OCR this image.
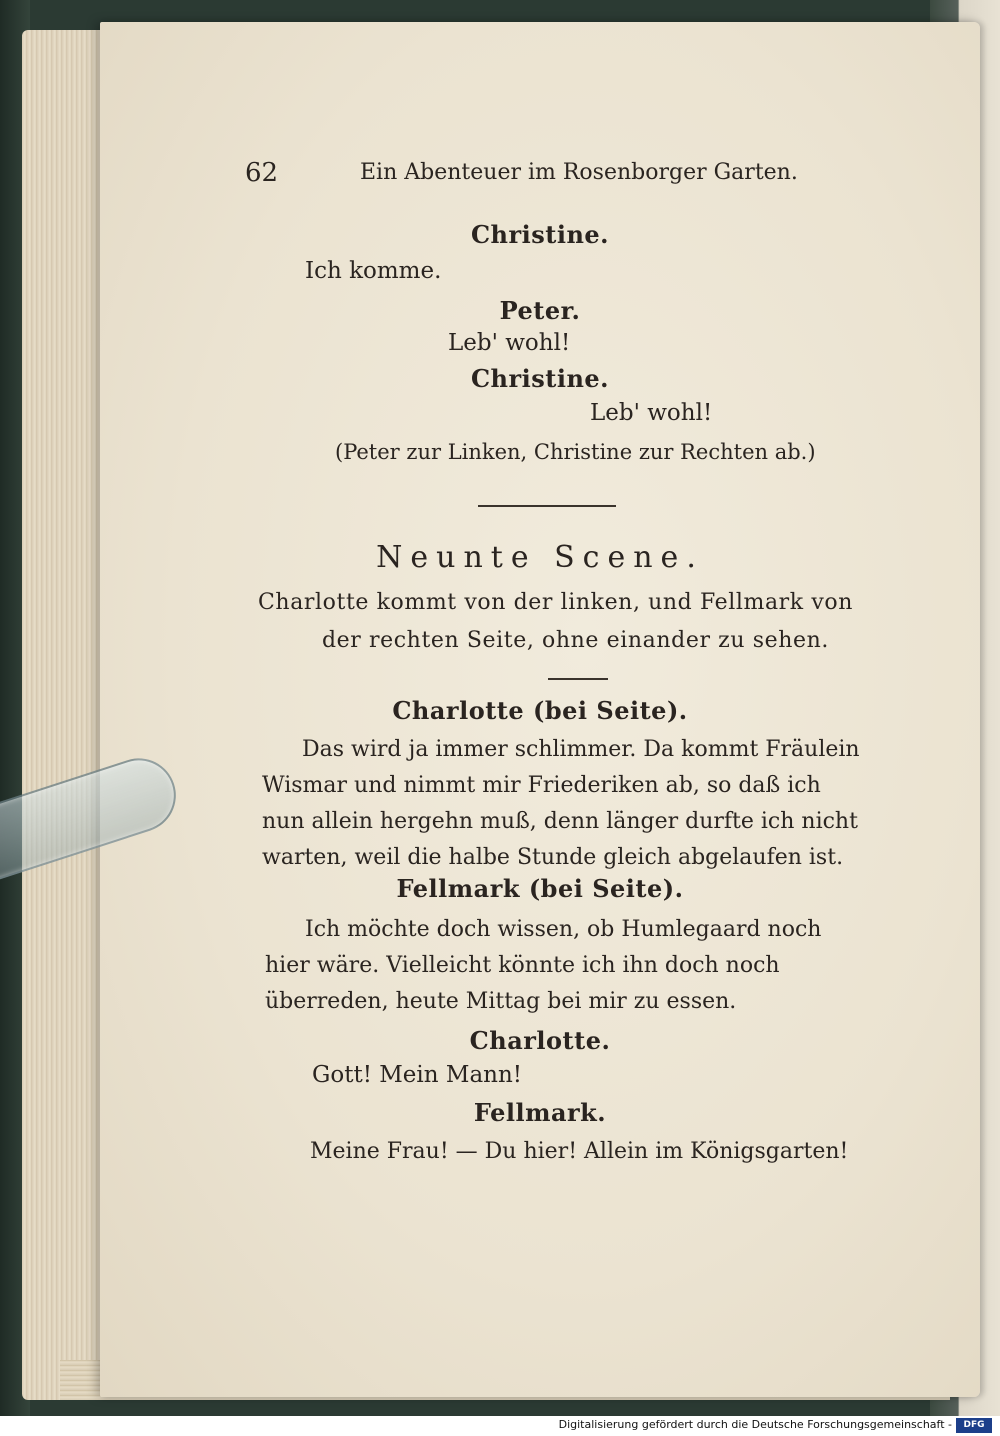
62	Ein Abenteuer im Rosenborger Garten.
Christine.
Ich komme.
Peter.
Leb' wohl!
Christine.
Leb' wohl!
(Peter zur Linken, Christine zur Rechten ab.)
Neunte Scene.
Charlotte kommt von der linken, und Fellmark von
der rechten Seite, ohne einander zu sehen.
Charlotte (bei Seite).
Das wird ja immer schlimmer. Da kommt Fräulein Wismar und nimmt mir Friederiken ab, so daß ich nun allein hergehn muß, denn länger durfte ich nicht warten, weil die halbe Stunde gleich abgelaufen ist.
Fellmark (bei Seite).
Ich möchte doch wissen, ob Humlegaard noch hier wäre. Vielleicht könnte ich ihn doch noch überreden, heute Mittag bei mir zu essen.
Charlotte.
Gott! Mein Mann!
Fellmark.
Meine Frau! — Du hier! Allein im Königsgarten!
Digitalisierung gefördert durch die Deutsche Forschungsgemeinschaft -	DFG
